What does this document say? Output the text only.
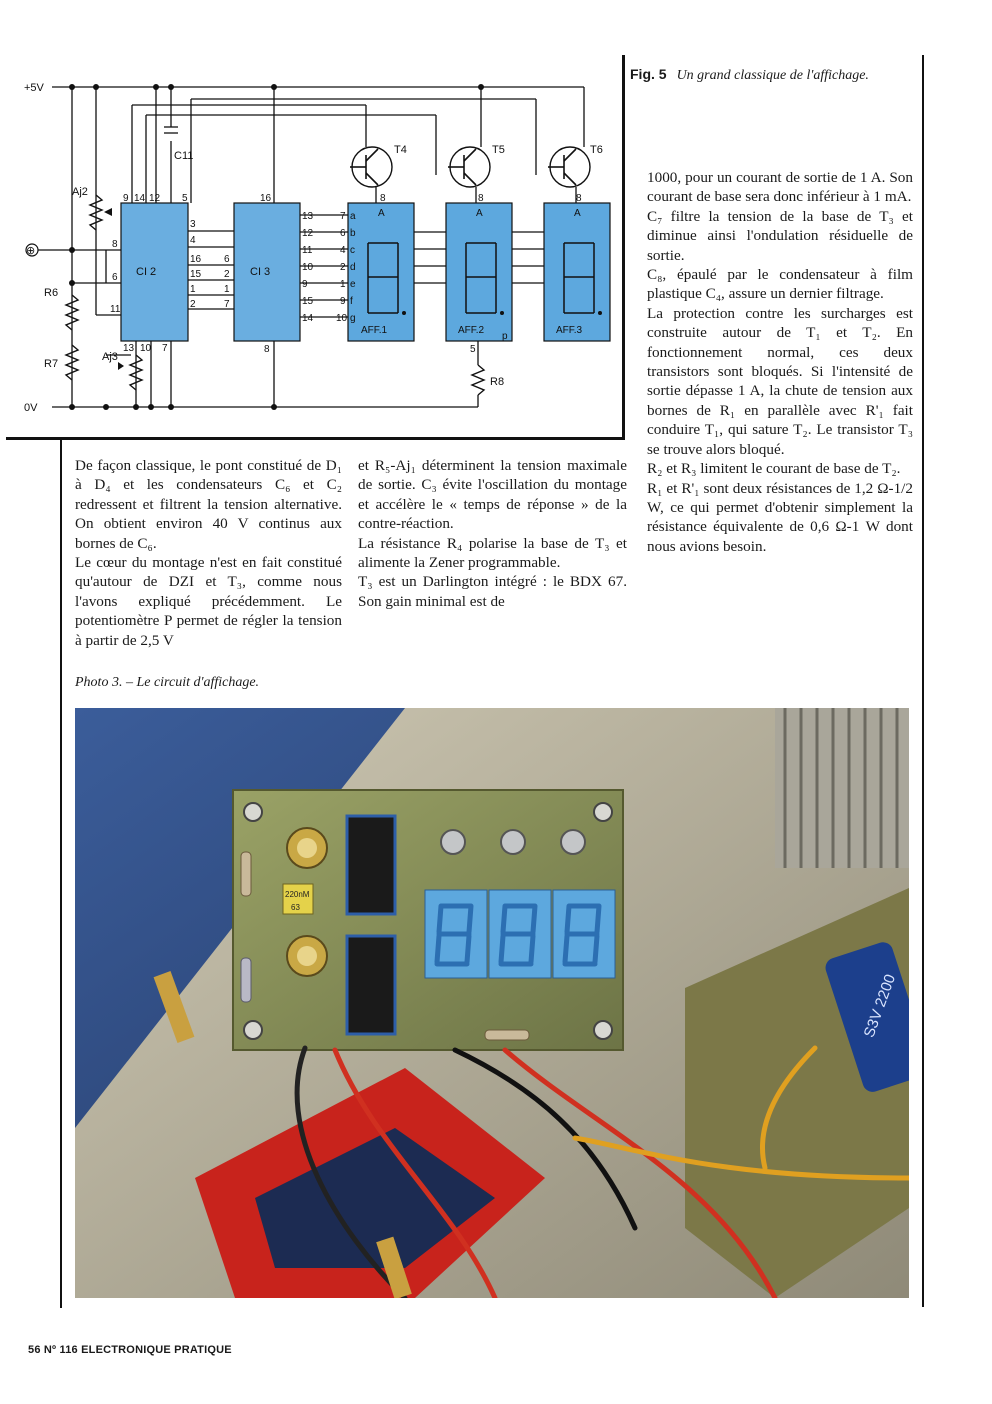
+5V
0V
⊕
R6
R7
R8
Aj2
Aj3
C11
CI 2	CI 3
T4	T5	T6
AFF.1	AFF.2	AFF.3
9 14 12 5
3
4
16
15
1
2
8
6
11
13 10 7
6
2
1
7
16
8
13
12
11
10
9
15
14
7
6
4
2
1
9
10
a
b
c
d
e
f
g
8	8	8
A	A	A
p
5
Fig. 5 Un grand classique de l'affichage.

De façon classique, le pont constitué de D₁ à D₄ et les condensateurs C₆ et C₂ redressent et filtrent la tension alternative. On obtient environ 40 V continus aux bornes de C₆.

Le cœur du montage n'est en fait constitué qu'autour de DZI et T₃, comme nous l'avons expliqué précédemment. Le potentiomètre P permet de régler la tension à partir de 2,5 V

et R₅-Aj₁ déterminent la tension maximale de sortie. C₃ évite l'oscillation du montage et accélère le « temps de réponse » de la contre-réaction.

La résistance R₄ polarise la base de T₃ et alimente la Zener programmable.

T₃ est un Darlington intégré : le BDX 67. Son gain minimal est de

1000, pour un courant de sortie de 1 A. Son courant de base sera donc inférieur à 1 mA.

C₇ filtre la tension de la base de T₃ et diminue ainsi l'ondulation résiduelle de sortie.

C₈, épaulé par le condensateur à film plastique C₄, assure un dernier filtrage.

La protection contre les surcharges est construite autour de T₁ et T₂. En fonctionnement normal, ces deux transistors sont bloqués. Si l'intensité de sortie dépasse 1 A, la chute de tension aux bornes de R₁ en parallèle avec R'₁ fait conduire T₁, qui sature T₂. Le transistor T₃ se trouve alors bloqué.

R₂ et R₃ limitent le courant de base de T₂.

R₁ et R'₁ sont deux résistances de 1,2 Ω-1/2 W, ce qui permet d'obtenir simplement la résistance équivalente de 0,6 Ω-1 W dont nous avions besoin.

Photo 3. – Le circuit d'affichage.
S3V 2200
220nM
63
56 Nº 116 ELECTRONIQUE PRATIQUE
